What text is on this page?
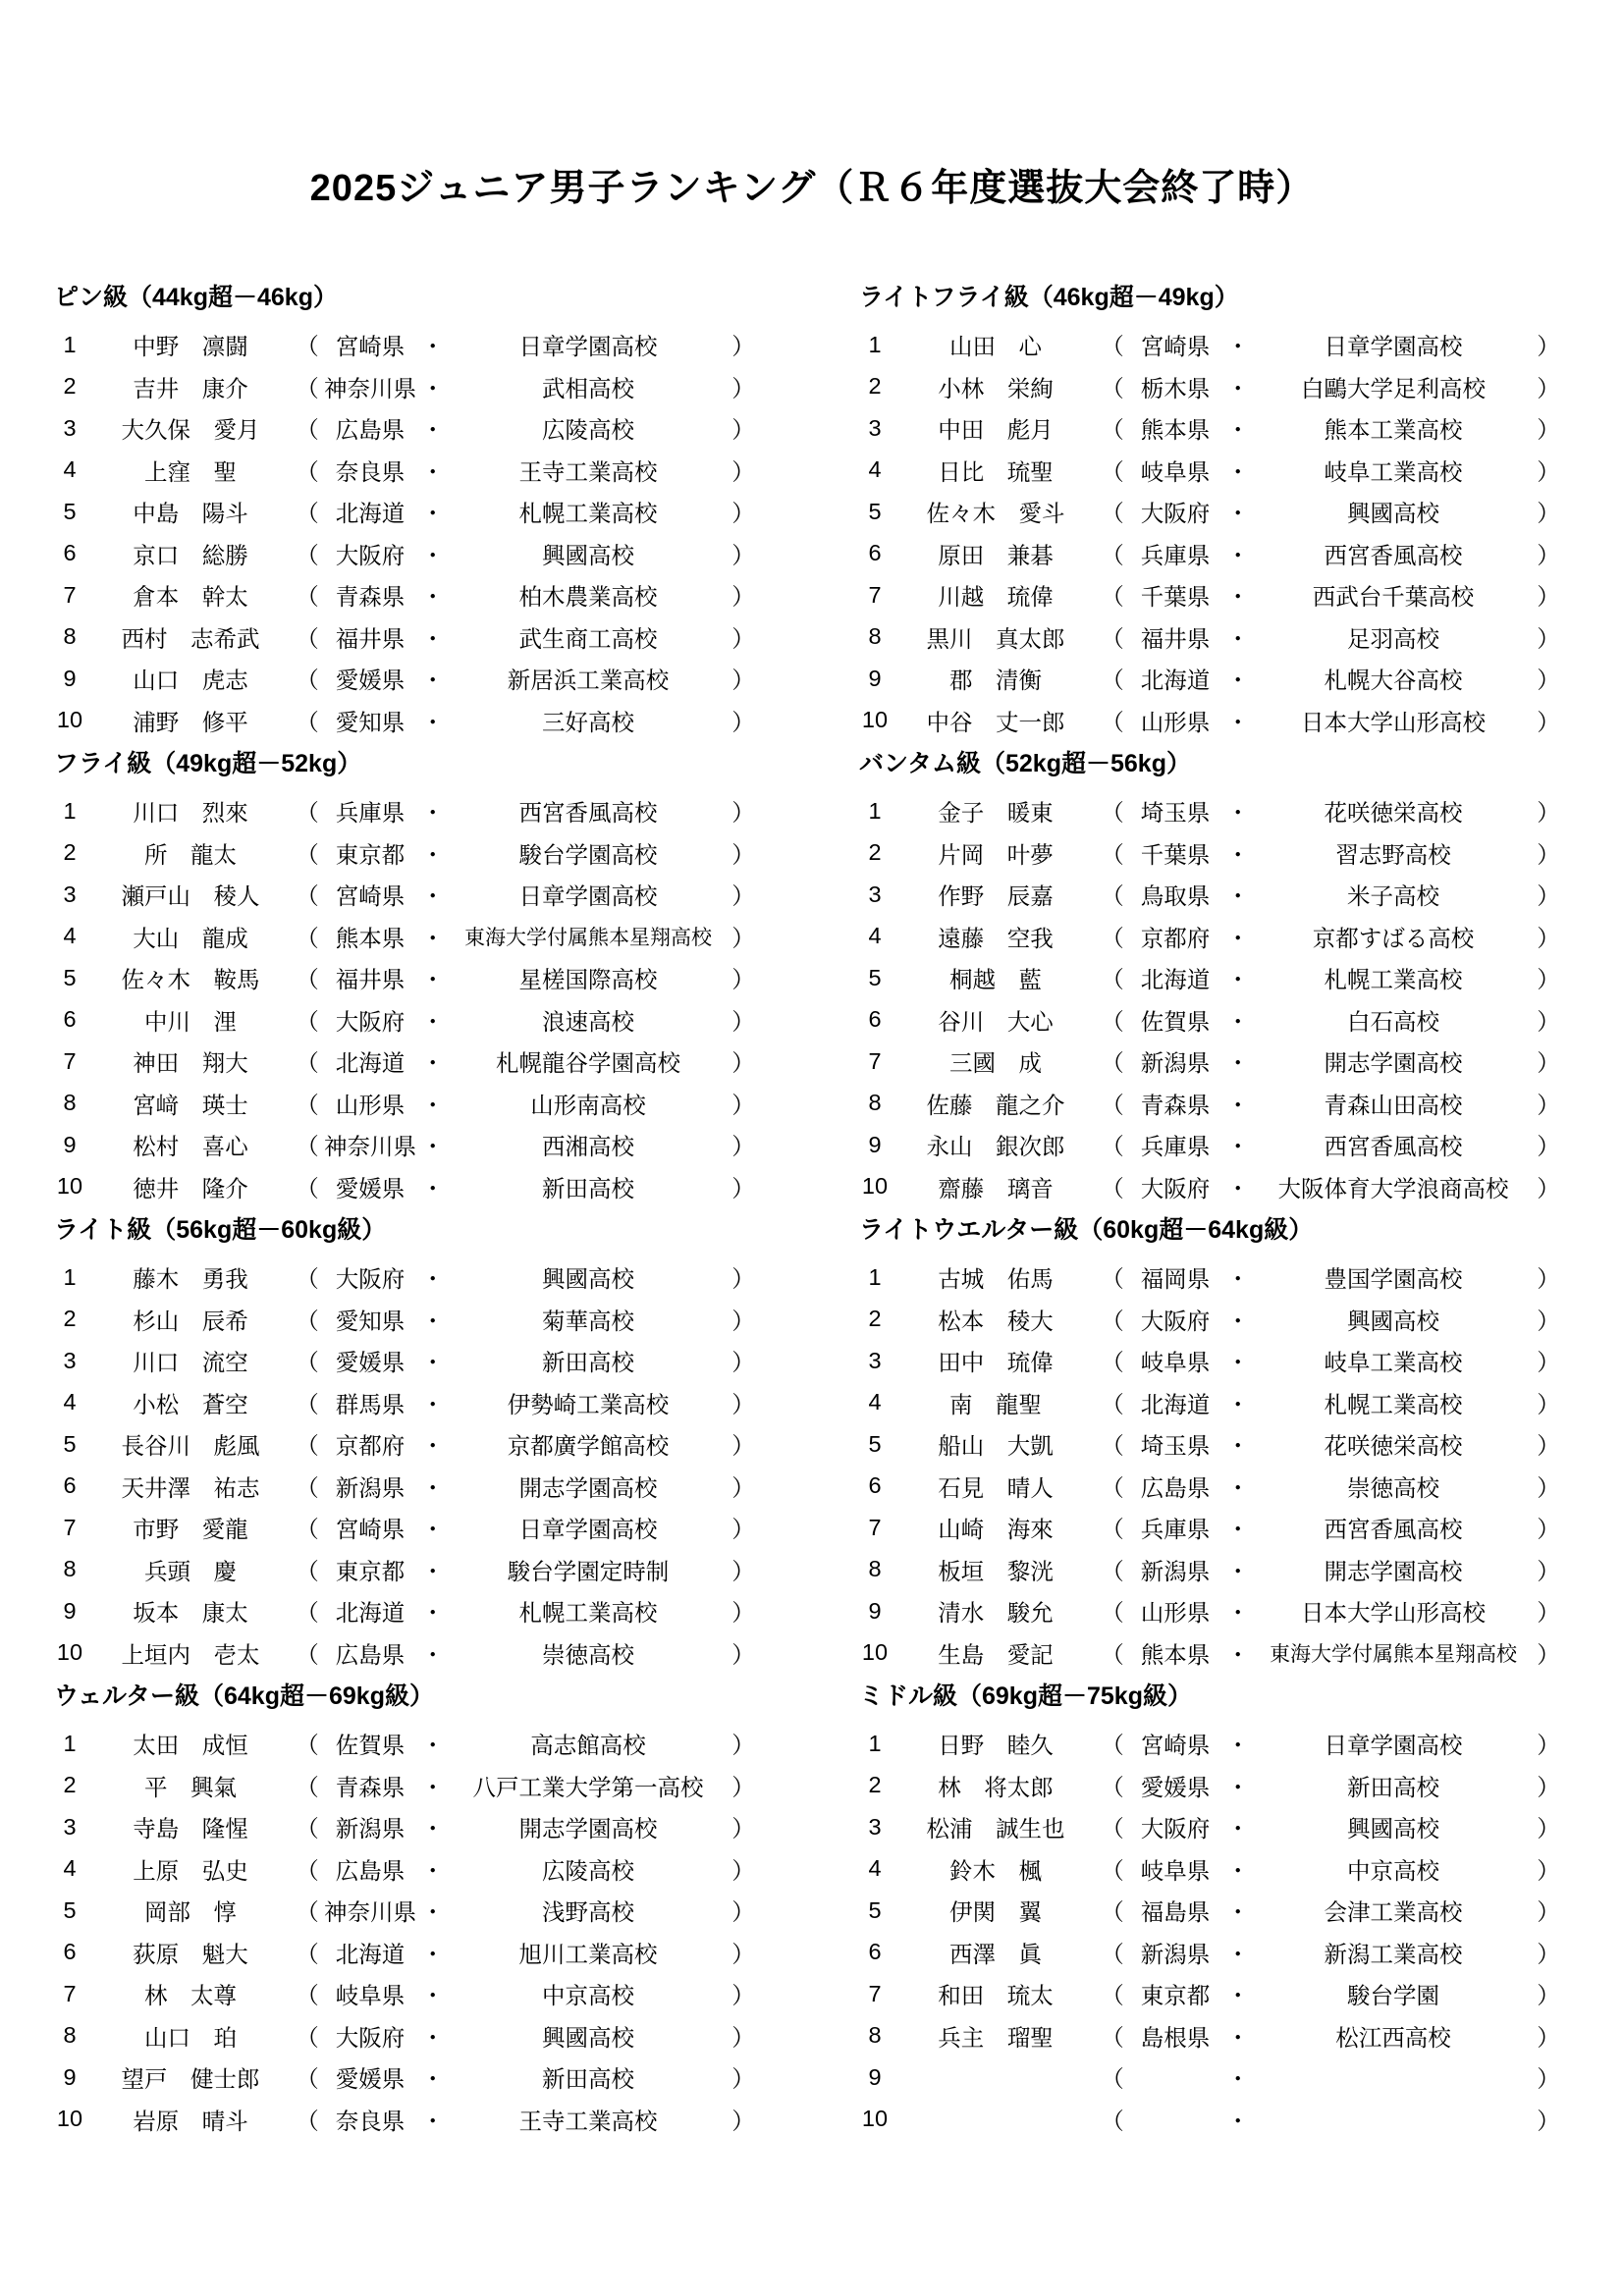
2025ジュニア男子ランキング（Ｒ６年度選抜大会終了時）
ピン級（44kg超－46kg）
1	中野　凛闘	（ 宮崎県 ・	日章学園高校	）
2	吉井　康介	（ 神奈川県 ・	武相高校	）
3	大久保　愛月	（ 広島県 ・	広陵高校	）
4	上窪　聖	（ 奈良県 ・	王寺工業高校	）
5	中島　陽斗	（ 北海道 ・	札幌工業高校	）
6	京口　総勝	（ 大阪府 ・	興國高校	）
7	倉本　幹太	（ 青森県 ・	柏木農業高校	）
8	西村　志希武	（ 福井県 ・	武生商工高校	）
9	山口　虎志	（ 愛媛県 ・	新居浜工業高校	）
10	浦野　修平	（ 愛知県 ・	三好高校	）
フライ級（49kg超－52kg）
1	川口　烈來	（ 兵庫県 ・	西宮香風高校	）
2	所　龍太	（ 東京都 ・	駿台学園高校	）
3	瀬戸山　稜人	（ 宮崎県 ・	日章学園高校	）
4	大山　龍成	（ 熊本県 ・ 東海大学付属熊本星翔高校 ）
5	佐々木　鞍馬	（ 福井県 ・	星槎国際高校	）
6	中川　浬	（ 大阪府 ・	浪速高校	）
7	神田　翔大	（ 北海道 ・	札幌龍谷学園高校	）
8	宮﨑　瑛士	（ 山形県 ・	山形南高校	）
9	松村　喜心	（ 神奈川県 ・	西湘高校	）
10	徳井　隆介	（ 愛媛県 ・	新田高校	）
ライト級（56kg超－60kg級）
1	藤木　勇我	（ 大阪府 ・	興國高校	）
2	杉山　辰希	（ 愛知県 ・	菊華高校	）
3	川口　流空	（ 愛媛県 ・	新田高校	）
4	小松　蒼空	（ 群馬県 ・	伊勢崎工業高校	）
5	長谷川　彪風	（ 京都府 ・	京都廣学館高校	）
6	天井澤　祐志	（ 新潟県 ・	開志学園高校	）
7	市野　愛龍	（ 宮崎県 ・	日章学園高校	）
8	兵頭　慶	（ 東京都 ・	駿台学園定時制	）
9	坂本　康太	（ 北海道 ・	札幌工業高校	）
10	上垣内　壱太	（ 広島県 ・	崇徳高校	）
ウェルター級（64kg超－69kg級）
1	太田　成恒	（ 佐賀県 ・	高志館高校	）
2	平　興氣	（ 青森県 ・	八戸工業大学第一高校	）
3	寺島　隆惺	（ 新潟県 ・	開志学園高校	）
4	上原　弘史	（ 広島県 ・	広陵高校	）
5	岡部　惇	（ 神奈川県 ・	浅野高校	）
6	荻原　魁大	（ 北海道 ・	旭川工業高校	）
7	林　太尊	（ 岐阜県 ・	中京高校	）
8	山口　珀	（ 大阪府 ・	興國高校	）
9	望戸　健士郎	（ 愛媛県 ・	新田高校	）
10	岩原　晴斗	（ 奈良県 ・	王寺工業高校	）
ライトフライ級（46kg超－49kg）
1	山田　心	（ 宮崎県 ・	日章学園高校	）
2	小林　栄絢	（ 栃木県 ・	白鷗大学足利高校	）
3	中田　彪月	（ 熊本県 ・	熊本工業高校	）
4	日比　琉聖	（ 岐阜県 ・	岐阜工業高校	）
5	佐々木　愛斗	（ 大阪府 ・	興國高校	）
6	原田　兼碁	（ 兵庫県 ・	西宮香風高校	）
7	川越　琉偉	（ 千葉県 ・	西武台千葉高校	）
8	黒川　真太郎	（ 福井県 ・	足羽高校	）
9	郡　清衡	（ 北海道 ・	札幌大谷高校	）
10	中谷　丈一郎	（ 山形県 ・	日本大学山形高校	）
バンタム級（52kg超－56kg）
1	金子　暖東	（ 埼玉県 ・	花咲徳栄高校	）
2	片岡　叶夢	（ 千葉県 ・	習志野高校	）
3	作野　辰嘉	（ 鳥取県 ・	米子高校	）
4	遠藤　空我	（ 京都府 ・	京都すばる高校	）
5	桐越　藍	（ 北海道 ・	札幌工業高校	）
6	谷川　大心	（ 佐賀県 ・	白石高校	）
7	三國　成	（ 新潟県 ・	開志学園高校	）
8	佐藤　龍之介	（ 青森県 ・	青森山田高校	）
9	永山　銀次郎	（ 兵庫県 ・	西宮香風高校	）
10	齋藤　璃音	（ 大阪府 ・	大阪体育大学浪商高校	）
ライトウエルター級（60kg超－64kg級）
1	古城　佑馬	（ 福岡県 ・	豊国学園高校	）
2	松本　稜大	（ 大阪府 ・	興國高校	）
3	田中　琉偉	（ 岐阜県 ・	岐阜工業高校	）
4	南　龍聖	（ 北海道 ・	札幌工業高校	）
5	船山　大凱	（ 埼玉県 ・	花咲徳栄高校	）
6	石見　晴人	（ 広島県 ・	崇徳高校	）
7	山崎　海來	（ 兵庫県 ・	西宮香風高校	）
8	板垣　黎洸	（ 新潟県 ・	開志学園高校	）
9	清水　駿允	（ 山形県 ・	日本大学山形高校	）
10	生島　愛記	（ 熊本県 ・ 東海大学付属熊本星翔高校 ）
ミドル級（69kg超－75kg級）
1	日野　睦久	（ 宮崎県 ・	日章学園高校	）
2	林　将太郎	（ 愛媛県 ・	新田高校	）
3	松浦　誠生也	（ 大阪府 ・	興國高校	）
4	鈴木　楓	（ 岐阜県 ・	中京高校	）
5	伊関　翼	（ 福島県 ・	会津工業高校	）
6	西澤　眞	（ 新潟県 ・	新潟工業高校	）
7	和田　琉太	（ 東京都 ・	駿台学園	）
8	兵主　瑠聖	（ 島根県 ・	松江西高校	）
9	（	・	）
10	（	・	）
